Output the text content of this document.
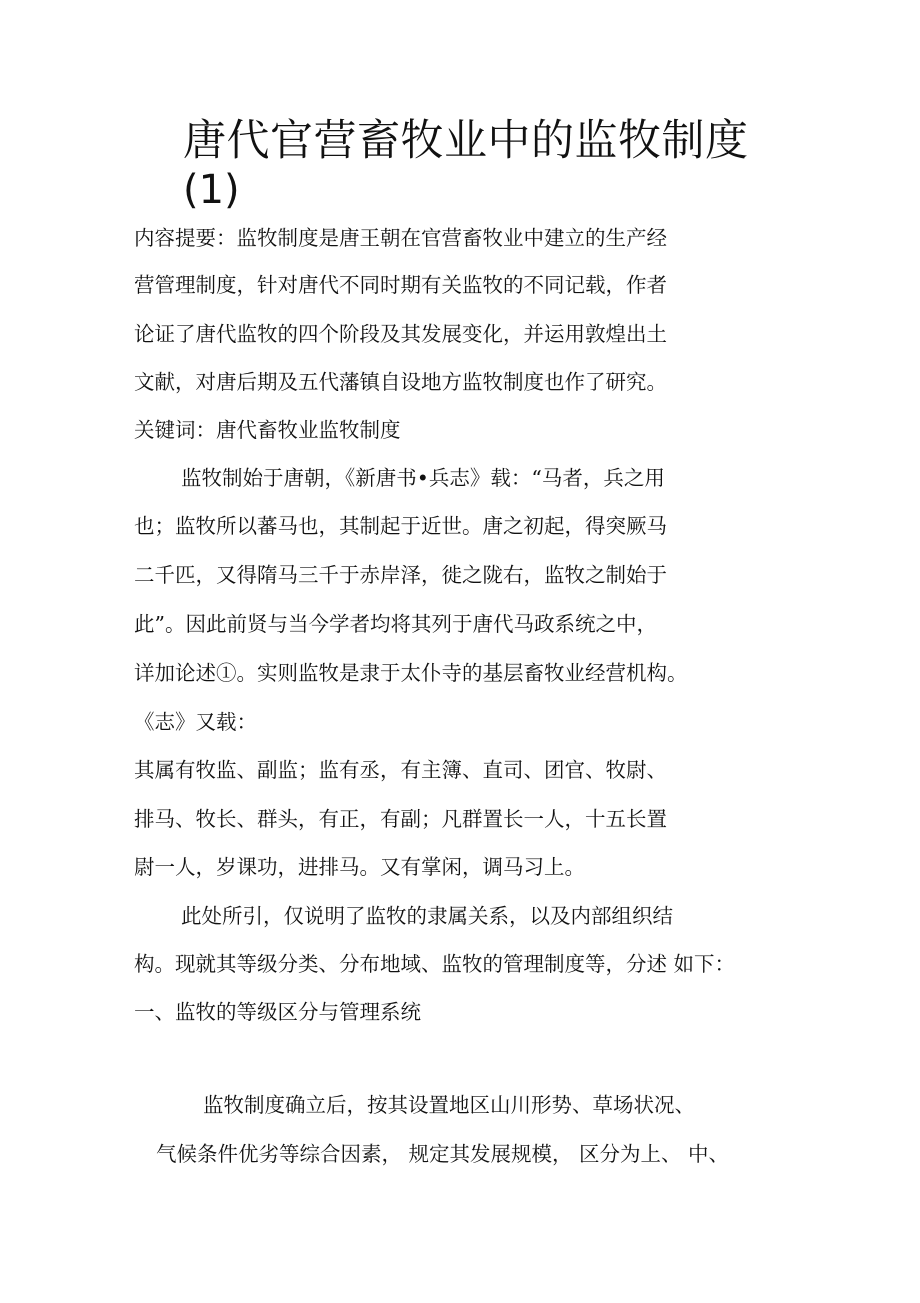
唐代官营畜牧业中的监牧制度
(1)

内容提要：监牧制度是唐王朝在官营畜牧业中建立的生产经

营管理制度，针对唐代不同时期有关监牧的不同记载，作者

论证了唐代监牧的四个阶段及其发展变化，并运用敦煌出土

文献，对唐后期及五代藩镇自设地方监牧制度也作了研究。

关键词：唐代畜牧业监牧制度

监牧制始于唐朝，《新唐书•兵志》载：“马者，兵之用

也；监牧所以蕃马也，其制起于近世。唐之初起，得突厥马

二千匹，又得隋马三千于赤岸泽，徙之陇右，监牧之制始于

此”。因此前贤与当今学者均将其列于唐代马政系统之中，

详加论述①。实则监牧是隶于太仆寺的基层畜牧业经营机构。

《志》又载：

其属有牧监、副监；监有丞，有主簿、直司、团官、牧尉、

排马、牧长、群头，有正，有副；凡群置长一人，十五长置

尉一人，岁课功，进排马。又有掌闲，调马习上。

此处所引，仅说明了监牧的隶属关系，以及内部组织结

构。现就其等级分类、分布地域、监牧的管理制度等，分述 如下：

一、监牧的等级区分与管理系统

监牧制度确立后，按其设置地区山川形势、草场状况、

气候条件优劣等综合因素， 规定其发展规模， 区分为上、 中、
